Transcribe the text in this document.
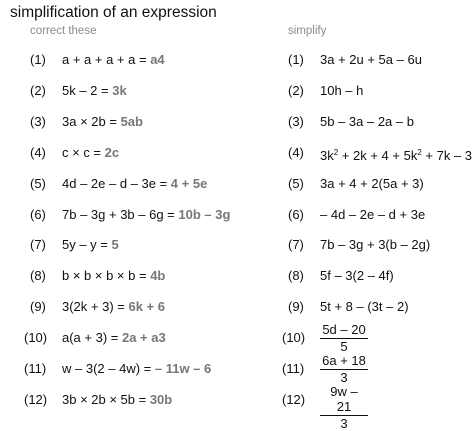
simplification of an expression
correct these	simplify
(1) a + a + a + a = a4
(2) 5k – 2 = 3k
(3) 3a × 2b = 5ab
(4) c × c = 2c
(5) 4d – 2e – d – 3e = 4 + 5e
(6) 7b – 3g + 3b – 6g = 10b – 3g
(7) 5y – y = 5
(8) b × b × b × b = 4b
(9) 3(2k + 3) = 6k + 6
(10) a(a + 3) = 2a + a3
(11) w – 3(2 – 4w) = – 11w – 6
(12) 3b × 2b × 5b = 30b
(1) 3a + 2u + 5a – 6u
(2) 10h – h
(3) 5b – 3a – 2a – b
(4) $3k^2 + 2k + 4 + 5k^2 + 7k - 3$
(5) 3a + 4 + 2(5a + 3)
(6) – 4d – 2e – d + 3e
(7) 7b – 3g + 3(b – 2g)
(8) 5f – 3(2 – 4f)
(9) 5t + 8 – (3t – 2)
$(10) \frac{5d - 20}{5}$
$(11) \frac{6a + 18}{3}$
$(12) \frac{9w - 21}{3}$
